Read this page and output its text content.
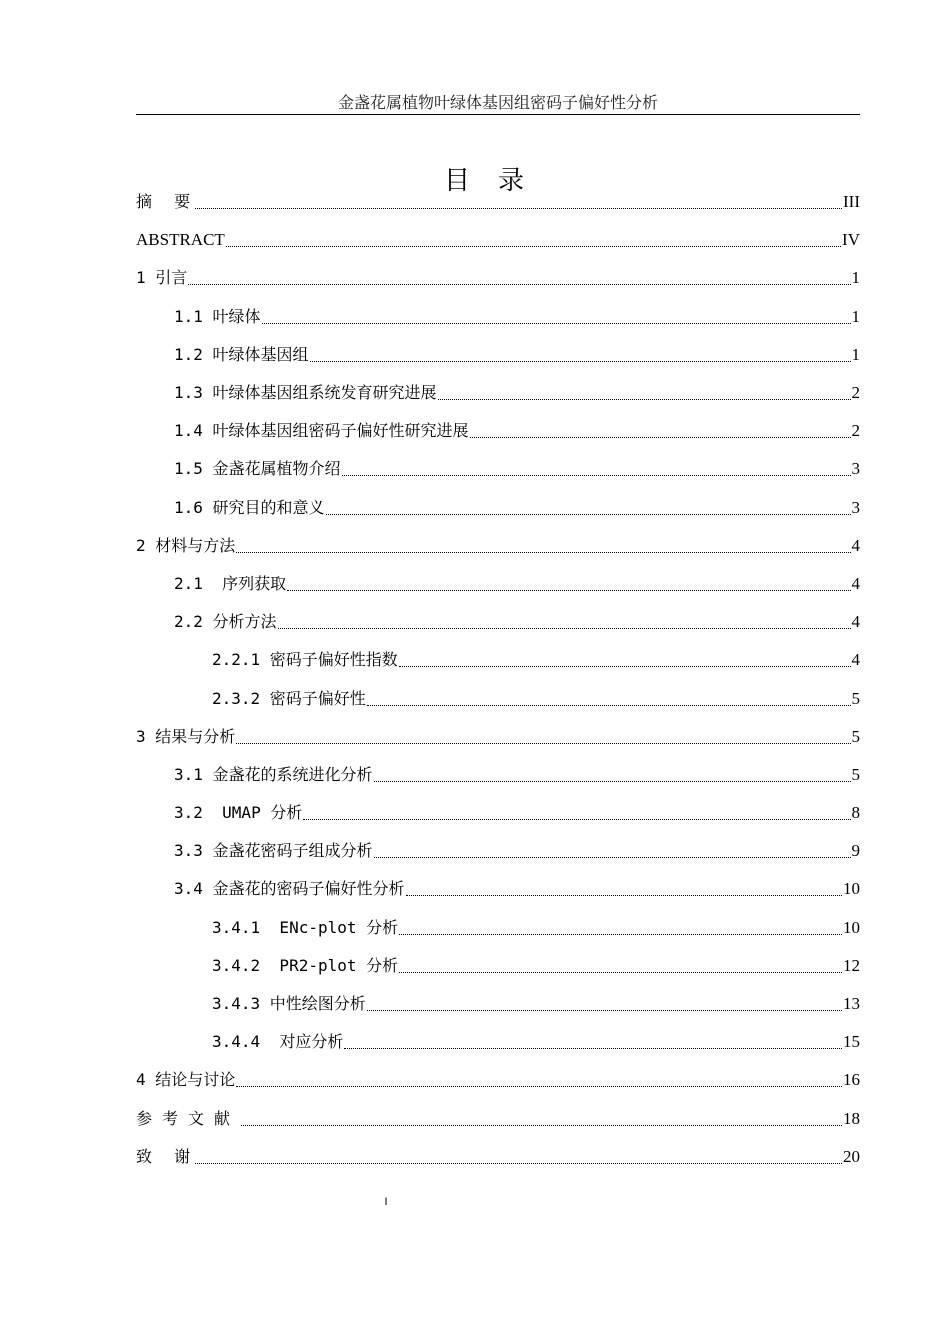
金盏花属植物叶绿体基因组密码子偏好性分析
目录
摘  要	III
ABSTRACT	IV
1 引言	1
1.1 叶绿体	1
1.2 叶绿体基因组	1
1.3 叶绿体基因组系统发育研究进展	2
1.4 叶绿体基因组密码子偏好性研究进展	2
1.5 金盏花属植物介绍	3
1.6 研究目的和意义	3
2 材料与方法	4
2.1  序列获取	4
2.2 分析方法	4
2.2.1 密码子偏好性指数	4
2.3.2 密码子偏好性	5
3 结果与分析	5
3.1 金盏花的系统进化分析	5
3.2  UMAP 分析	8
3.3 金盏花密码子组成分析	9
3.4 金盏花的密码子偏好性分析	10
3.4.1  ENc-plot 分析	10
3.4.2  PR2-plot 分析	12
3.4.3 中性绘图分析	13
3.4.4  对应分析	15
4 结论与讨论	16
参考文献	18
致  谢	20
I
